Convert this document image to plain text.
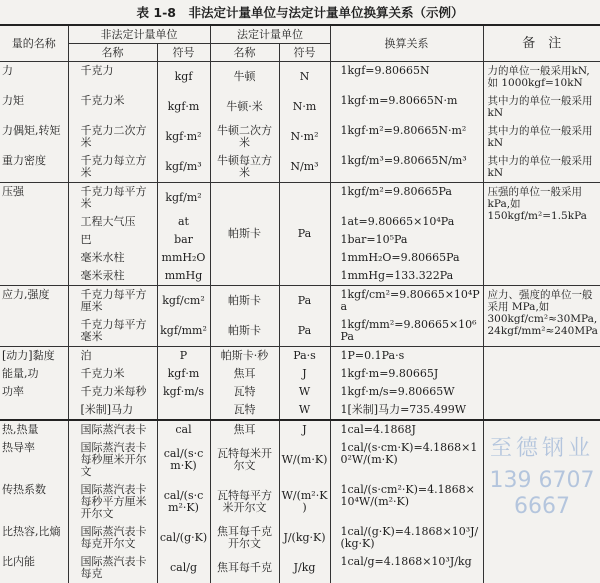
表 1-8　非法定计量单位与法定计量单位换算关系（示例）
量的名称	非法定计量单位		法定计量单位		换算关系	备　注
	名称	符号	名称	符号		
力	千克力	kgf	牛顿	N	1kgf=9.80665N	力的单位一般采用kN,如 1000kgf=10kN
力矩	千克力米	kgf·m	牛顿·米	N·m	1kgf·m=9.80665N·m	其中力的单位一般采用 kN
力偶矩,转矩	千克力二次方米	kgf·m²	牛顿二次方米	N·m²	1kgf·m²=9.80665N·m²	其中力的单位一般采用 kN
重力密度	千克力每立方米	kgf/m³	牛顿每立方米	N/m³	1kgf/m³=9.80665N/m³	其中力的单位一般采用 kN
压强	千克力每平方米	kgf/m²	帕斯卡	Pa	1kgf/m²=9.80665Pa	压强的单位一般采用 kPa,如 150kgf/m²=1.5kPa
	工程大气压	at			1at=9.80665×10⁴Pa	
	巴	bar			1bar=10⁵Pa	
	毫米水柱	mmH₂O			1mmH₂O=9.80665Pa	
	毫米汞柱	mmHg			1mmHg=133.322Pa	
应力,强度	千克力每平方厘米	kgf/cm²	帕斯卡	Pa	1kgf/cm²=9.80665×10⁴Pa	应力、强度的单位一般采用 MPa,如 300kgf/cm²≈30MPa, 24kgf/mm²≈240MPa
	千克力每平方毫米	kgf/mm²	帕斯卡	Pa	1kgf/mm²=9.80665×10⁶Pa	
[动力]黏度	泊	P	帕斯卡·秒	Pa·s	1P=0.1Pa·s	
能量,功	千克力米	kgf·m	焦耳	J	1kgf·m=9.80665J	
功率	千克力米每秒	kgf·m/s	瓦特	W	1kgf·m/s=9.80665W	
	[米制]马力		瓦特	W	1[米制]马力=735.499W	
热,热量	国际蒸汽表卡	cal	焦耳	J	1cal=4.1868J	
热导率	国际蒸汽表卡每秒厘米开尔文	cal/(s·cm·K)	瓦特每米开尔文	W/(m·K)	1cal/(s·cm·K)=4.1868×10²W/(m·K)	
传热系数	国际蒸汽表卡每秒平方厘米开尔文	cal/(s·cm²·K)	瓦特每平方米开尔文	W/(m²·K)	1cal/(s·cm²·K)=4.1868×10⁴W/(m²·K)	
比热容,比熵	国际蒸汽表卡每克开尔文	cal/(g·K)	焦耳每千克开尔文	J/(kg·K)	1cal/(g·K)=4.1868×10³J/(kg·K)	
比内能	国际蒸汽表卡每克	cal/g	焦耳每千克	J/kg	1cal/g=4.1868×10³J/kg	
至德钢业
139 6707 6667
